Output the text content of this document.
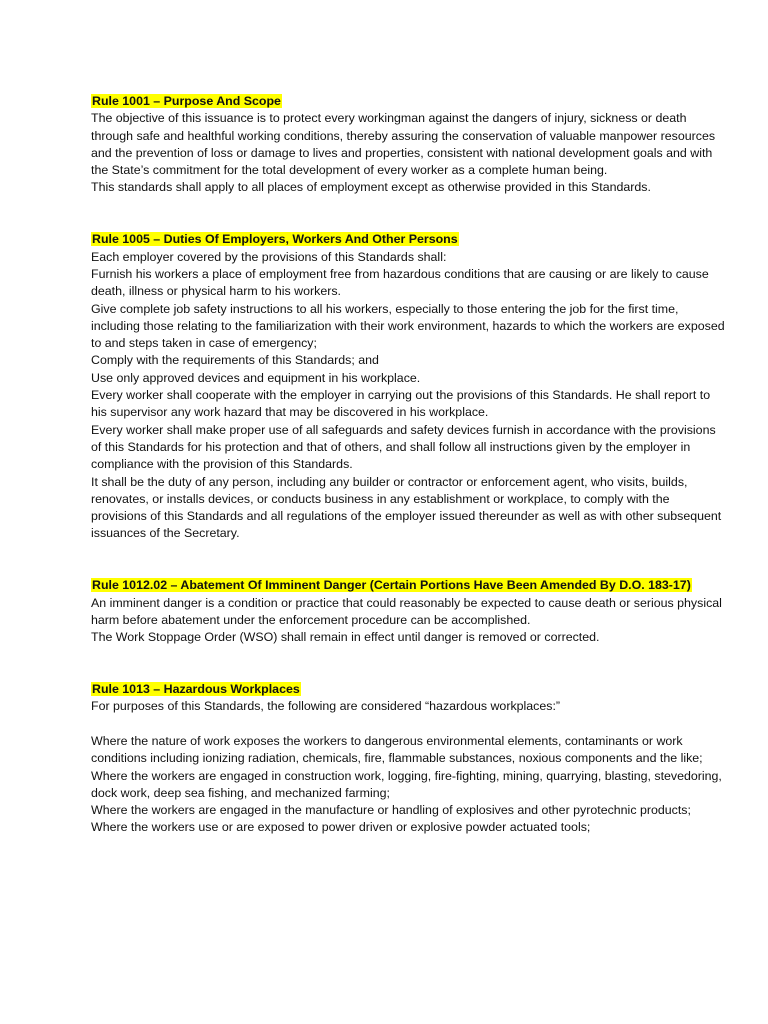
Rule 1001 – Purpose And Scope

The objective of this issuance is to protect every workingman against the dangers of injury, sickness or death through safe and healthful working conditions, thereby assuring the conservation of valuable manpower resources and the prevention of loss or damage to lives and properties, consistent with national development goals and with the State’s commitment for the total development of every worker as a complete human being.

This standards shall apply to all places of employment except as otherwise provided in this Standards.

Rule 1005 – Duties Of Employers, Workers And Other Persons

Each employer covered by the provisions of this Standards shall:

Furnish his workers a place of employment free from hazardous conditions that are causing or are likely to cause death, illness or physical harm to his workers.

Give complete job safety instructions to all his workers, especially to those entering the job for the first time, including those relating to the familiarization with their work environment, hazards to which the workers are exposed to and steps taken in case of emergency;

Comply with the requirements of this Standards; and

Use only approved devices and equipment in his workplace.

Every worker shall cooperate with the employer in carrying out the provisions of this Standards. He shall report to his supervisor any work hazard that may be discovered in his workplace.

Every worker shall make proper use of all safeguards and safety devices furnish in accordance with the provisions of this Standards for his protection and that of others, and shall follow all instructions given by the employer in compliance with the provision of this Standards.

It shall be the duty of any person, including any builder or contractor or enforcement agent, who visits, builds, renovates, or installs devices, or conducts business in any establishment or workplace, to comply with the provisions of this Standards and all regulations of the employer issued thereunder as well as with other subsequent issuances of the Secretary.

Rule 1012.02 – Abatement Of Imminent Danger (Certain Portions Have Been Amended By D.O. 183-17)

An imminent danger is a condition or practice that could reasonably be expected to cause death or serious physical harm before abatement under the enforcement procedure can be accomplished.

The Work Stoppage Order (WSO) shall remain in effect until danger is removed or corrected.

Rule 1013 – Hazardous Workplaces

For purposes of this Standards, the following are considered “hazardous workplaces:”

Where the nature of work exposes the workers to dangerous environmental elements, contaminants or work conditions including ionizing radiation, chemicals, fire, flammable substances, noxious components and the like;

Where the workers are engaged in construction work, logging, fire-fighting, mining, quarrying, blasting, stevedoring, dock work, deep sea fishing, and mechanized farming;

Where the workers are engaged in the manufacture or handling of explosives and other pyrotechnic products;

Where the workers use or are exposed to power driven or explosive powder actuated tools;
